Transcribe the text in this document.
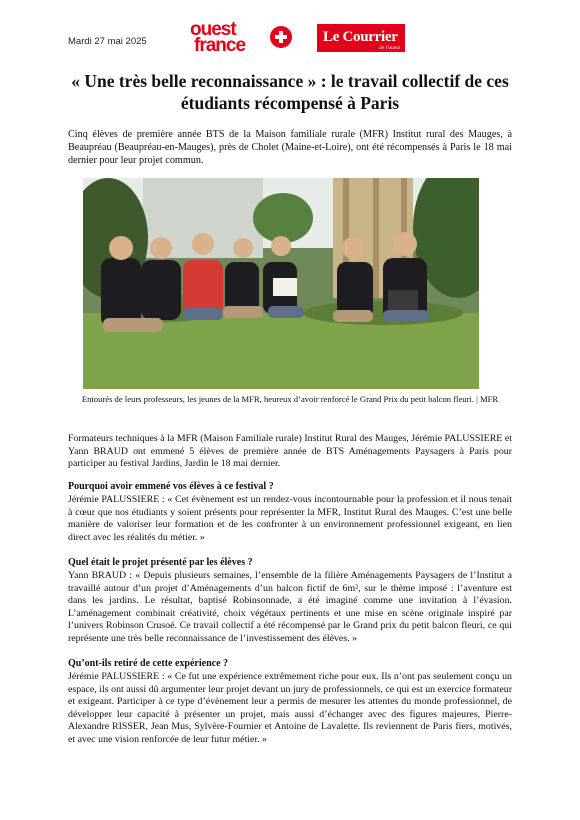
Mardi 27 mai 2025
ouest
france	Le Courrier
de l'ouest
« Une très belle reconnaissance » : le travail collectif de ces étudiants récompensé à Paris

Cinq élèves de première année BTS de la Maison familiale rurale (MFR) Institut rural des Mauges, à Beaupréau (Beaupréau-en-Mauges), près de Cholet (Maine-et-Loire), ont été récompensés à Paris le 18 mai dernier pour leur projet commun.

Entourés de leurs professeurs, les jeunes de la MFR, heureux d’avoir renforcé le Grand Prix du petit balcon fleuri. | MFR

Formateurs techniques à la MFR (Maison Familiale rurale) Institut Rural des Mauges, Jérémie PALUSSIERE et Yann BRAUD ont emmené 5 élèves de première année de BTS Aménagements Paysagers à Paris pour participer au festival Jardins, Jardin le 18 mai dernier.

Pourquoi avoir emmené vos élèves à ce festival ?

Jérémie PALUSSIERE : « Cet évènement est un rendez-vous incontournable pour la profession et il nous tenait à cœur que nos étudiants y soient présents pour représenter la MFR, Institut Rural des Mauges. C’est une belle manière de valoriser leur formation et de les confronter à un environnement professionnel exigeant, en lien direct avec les réalités du métier. »

Quel était le projet présenté par les élèves ?

Yann BRAUD : « Depuis plusieurs semaines, l’ensemble de la filière Aménagements Paysagers de l’Institut a travaillé autour d’un projet d’Aménagements d’un balcon fictif de 6m², sur le thème imposé : l’aventure est dans les jardins. Le résultat, baptisé Robinsonnade, a été imaginé comme une invitation à l’évasion. L’aménagement combinait créativité, choix végétaux pertinents et une mise en scène originale inspiré par l’univers Robinson Crusoé. Ce travail collectif a été récompensé par le Grand prix du petit balcon fleuri, ce qui représente une très belle reconnaissance de l’investissement des élèves. »

Qu’ont-ils retiré de cette expérience ?

Jérémie PALUSSIERE : « Ce fut une expérience extrêmement riche pour eux. Ils n’ont pas seulement conçu un espace, ils ont aussi dû argumenter leur projet devant un jury de professionnels, ce qui est un exercice formateur et exigeant. Participer à ce type d’évènement leur a permis de mesurer les attentes du monde professionnel, de développer leur capacité à présenter un projet, mais aussi d’échanger avec des figures majeures, Pierre-Alexandre RISSER, Jean Mus, Sylvère-Fournier et Antoine de Lavalette. Ils reviennent de Paris fiers, motivés, et avec une vision renforcée de leur futur métier. »
